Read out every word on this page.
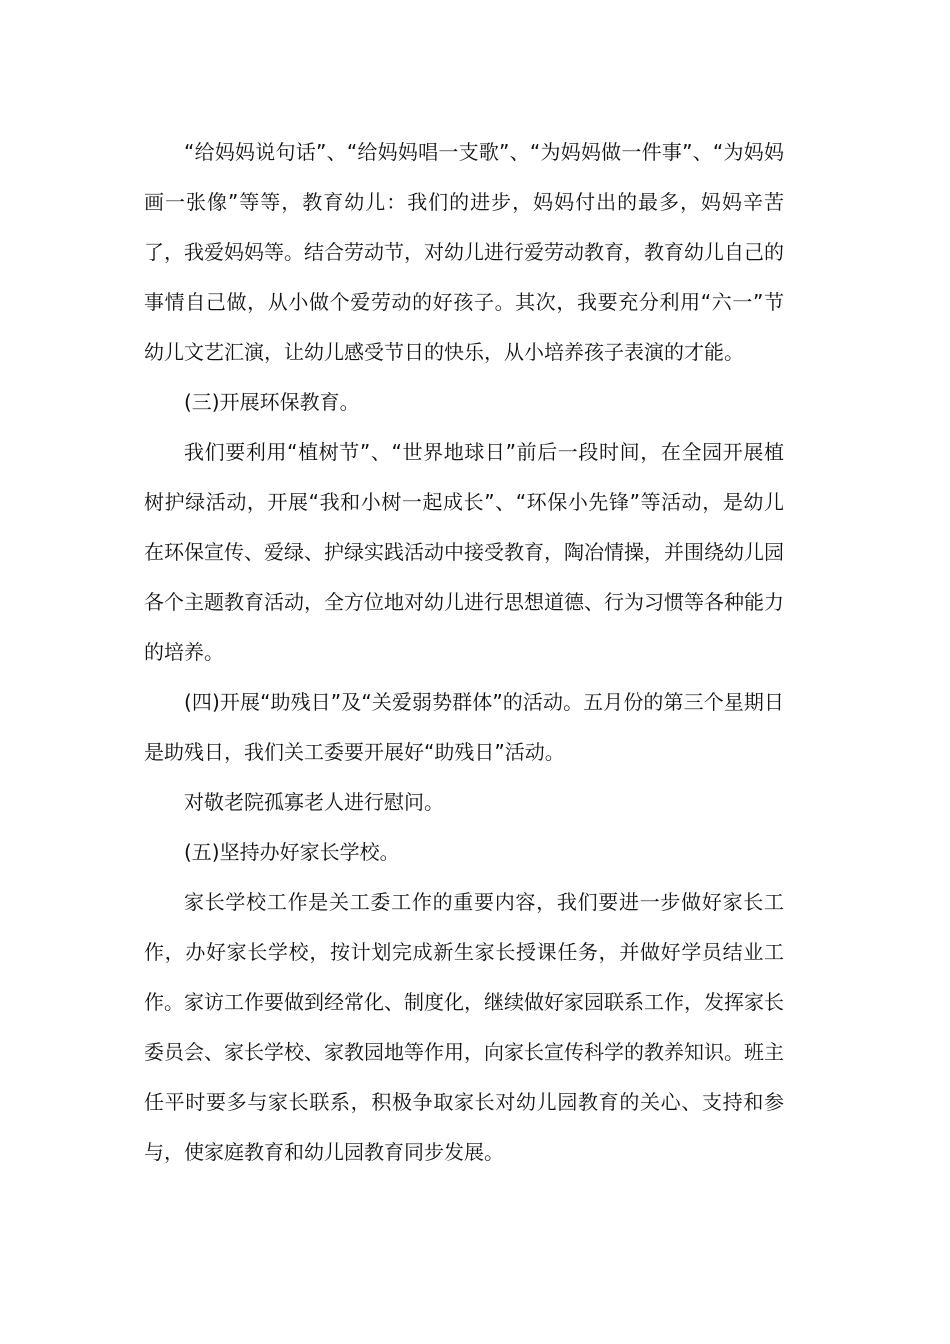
“给妈妈说句话”、“给妈妈唱一支歌”、“为妈妈做一件事”、“为妈妈画一张像”等等，教育幼儿：我们的进步，妈妈付出的最多，妈妈辛苦了，我爱妈妈等。结合劳动节，对幼儿进行爱劳动教育，教育幼儿自己的事情自己做，从小做个爱劳动的好孩子。其次，我要充分利用“六一”节幼儿文艺汇演，让幼儿感受节日的快乐，从小培养孩子表演的才能。

(三)开展环保教育。

我们要利用“植树节”、“世界地球日”前后一段时间，在全园开展植树护绿活动，开展“我和小树一起成长”、“环保小先锋”等活动，是幼儿在环保宣传、爱绿、护绿实践活动中接受教育，陶冶情操，并围绕幼儿园各个主题教育活动，全方位地对幼儿进行思想道德、行为习惯等各种能力的培养。

(四)开展“助残日”及“关爱弱势群体”的活动。五月份的第三个星期日是助残日，我们关工委要开展好“助残日”活动。

对敬老院孤寡老人进行慰问。

(五)坚持办好家长学校。

家长学校工作是关工委工作的重要内容，我们要进一步做好家长工作，办好家长学校，按计划完成新生家长授课任务，并做好学员结业工作。家访工作要做到经常化、制度化，继续做好家园联系工作，发挥家长委员会、家长学校、家教园地等作用，向家长宣传科学的教养知识。班主任平时要多与家长联系，积极争取家长对幼儿园教育的关心、支持和参与，使家庭教育和幼儿园教育同步发展。
